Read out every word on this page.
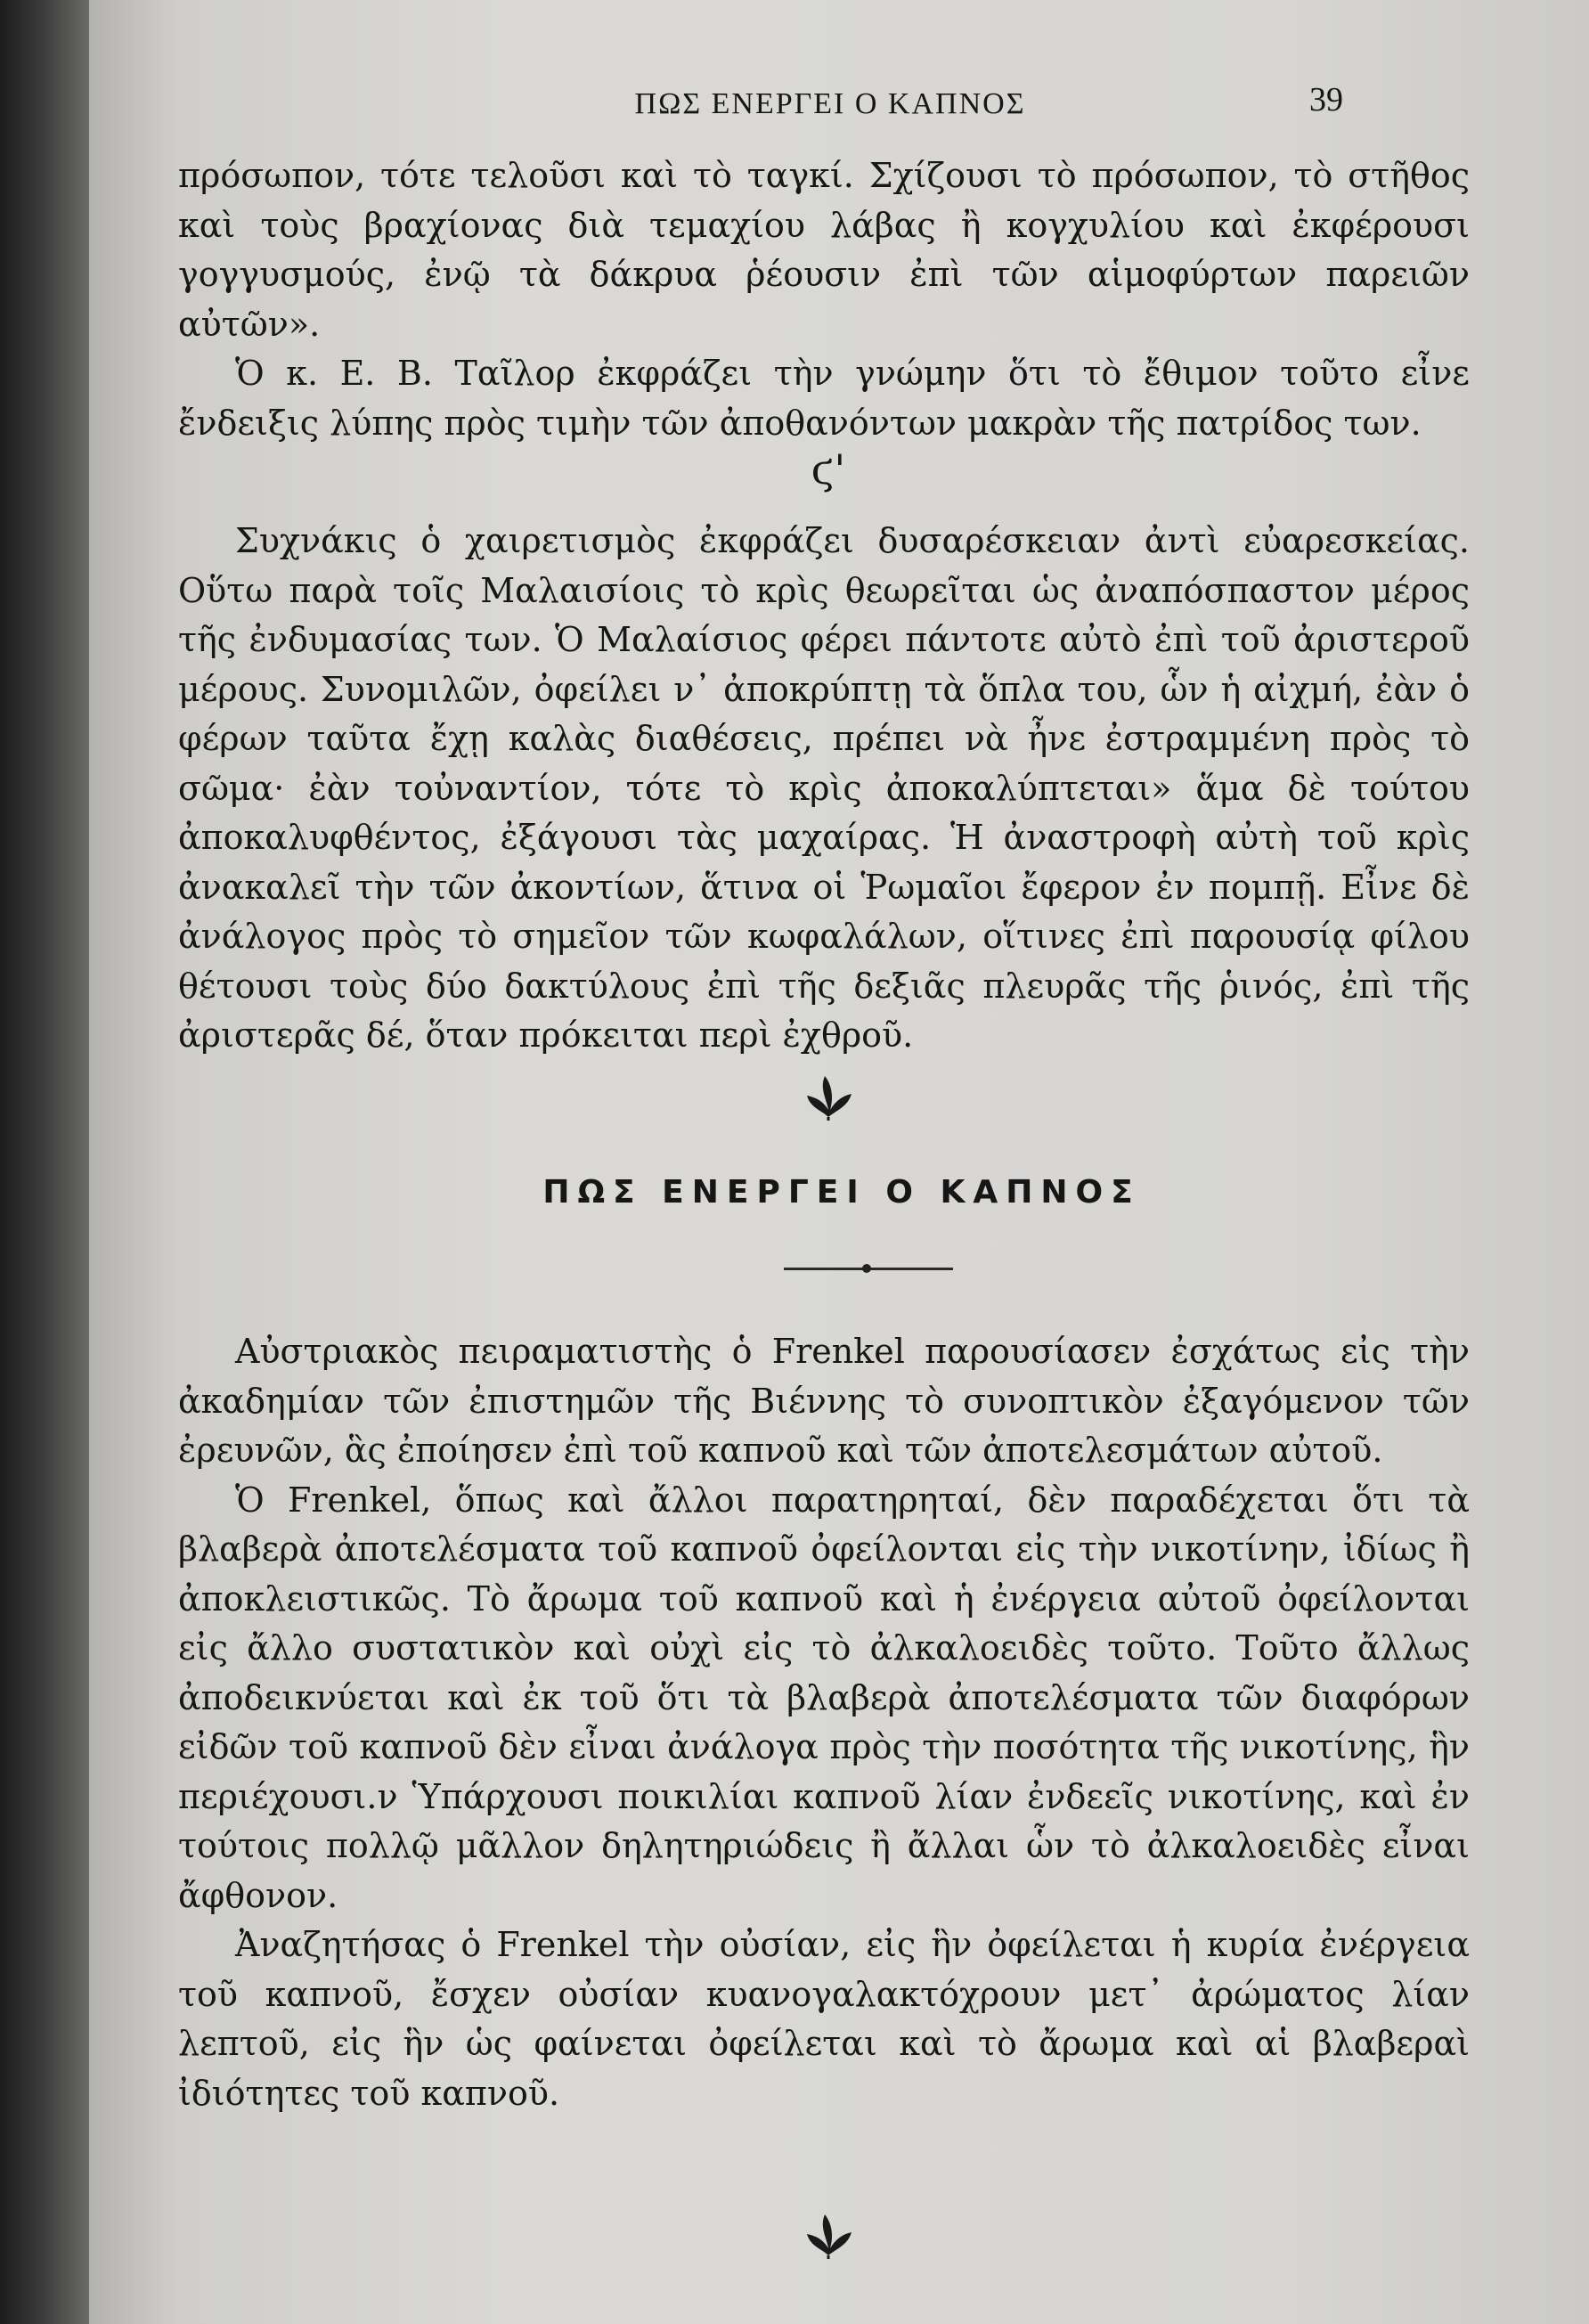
ΠΩΣ ΕΝΕΡΓΕΙ Ο ΚΑΠΝΟΣ	39

πρόσωπον, τότε τελοῦσι καὶ τὸ ταγκί. Σχίζουσι τὸ πρόσωπον, τὸ στῆθος καὶ τοὺς βραχίονας διὰ τεμαχίου λάβας ἢ κογχυλίου καὶ ἐκφέρουσι γογγυσμούς, ἐνῷ τὰ δάκρυα ῥέουσιν ἐπὶ τῶν αἱμοφύρτων παρειῶν αὐτῶν».

Ὁ κ. Ε. Β. Ταῖλορ ἐκφράζει τὴν γνώμην ὅτι τὸ ἔθιμον τοῦτο εἶνε ἔνδειξις λύπης πρὸς τιμὴν τῶν ἀποθανόντων μακρὰν τῆς πατρίδος των.

ϛ'

Συχνάκις ὁ χαιρετισμὸς ἐκφράζει δυσαρέσκειαν ἀντὶ εὐαρεσκείας. Οὕτω παρὰ τοῖς Μαλαισίοις τὸ κρὶς θεωρεῖται ὡς ἀναπόσπαστον μέρος τῆς ἐνδυμασίας των. Ὁ Μαλαίσιος φέρει πάντοτε αὐτὸ ἐπὶ τοῦ ἀριστεροῦ μέρους. Συνομιλῶν, ὀφείλει ν᾿ ἀποκρύπτῃ τὰ ὅπλα του, ὧν ἡ αἰχμή, ἐὰν ὁ φέρων ταῦτα ἔχῃ καλὰς διαθέσεις, πρέπει νὰ ἦνε ἐστραμμένη πρὸς τὸ σῶμα· ἐὰν τοὐναντίον, τότε τὸ κρὶς ἀποκαλύπτεται» ἅμα δὲ τούτου ἀποκαλυφθέντος, ἐξάγουσι τὰς μαχαίρας. Ἡ ἀναστροφὴ αὐτὴ τοῦ κρὶς ἀνακαλεῖ τὴν τῶν ἀκοντίων, ἅτινα οἱ Ῥωμαῖοι ἔφερον ἐν πομπῇ. Εἶνε δὲ ἀνάλογος πρὸς τὸ σημεῖον τῶν κωφαλάλων, οἵτινες ἐπὶ παρουσίᾳ φίλου θέτουσι τοὺς δύο δακτύλους ἐπὶ τῆς δεξιᾶς πλευρᾶς τῆς ῥινός, ἐπὶ τῆς ἀριστερᾶς δέ, ὅταν πρόκειται περὶ ἐχθροῦ.

ΠΩΣ ΕΝΕΡΓΕΙ Ο ΚΑΠΝΟΣ

Αὐστριακὸς πειραματιστὴς ὁ Frenkel παρουσίασεν ἐσχάτως εἰς τὴν ἀκαδημίαν τῶν ἐπιστημῶν τῆς Βιέννης τὸ συνοπτικὸν ἐξαγόμενον τῶν ἐρευνῶν, ἃς ἐποίησεν ἐπὶ τοῦ καπνοῦ καὶ τῶν ἀποτελεσμάτων αὐτοῦ.

Ὁ Frenkel, ὅπως καὶ ἄλλοι παρατηρηταί, δὲν παραδέχεται ὅτι τὰ βλαβερὰ ἀποτελέσματα τοῦ καπνοῦ ὀφείλονται εἰς τὴν νικοτίνην, ἰδίως ἢ ἀποκλειστικῶς. Τὸ ἄρωμα τοῦ καπνοῦ καὶ ἡ ἐνέργεια αὐτοῦ ὀφείλονται εἰς ἄλλο συστατικὸν καὶ οὐχὶ εἰς τὸ ἀλκαλοειδὲς τοῦτο. Τοῦτο ἄλλως ἀποδεικνύεται καὶ ἐκ τοῦ ὅτι τὰ βλαβερὰ ἀποτελέσματα τῶν διαφόρων εἰδῶν τοῦ καπνοῦ δὲν εἶναι ἀνάλογα πρὸς τὴν ποσότητα τῆς νικοτίνης, ἣν περιέχουσι.ν Ὑπάρχουσι ποικιλίαι καπνοῦ λίαν ἐνδεεῖς νικοτίνης, καὶ ἐν τούτοις πολλῷ μᾶλλον δηλητηριώδεις ἢ ἄλλαι ὧν τὸ ἀλκαλοειδὲς εἶναι ἄφθονον.

Ἀναζητήσας ὁ Frenkel τὴν οὐσίαν, εἰς ἣν ὀφείλεται ἡ κυρία ἐνέργεια τοῦ καπνοῦ, ἔσχεν οὐσίαν κυανογαλακτόχρουν μετ᾿ ἀρώματος λίαν λεπτοῦ, εἰς ἣν ὡς φαίνεται ὀφείλεται καὶ τὸ ἄρωμα καὶ αἱ βλαβεραὶ ἰδιότητες τοῦ καπνοῦ.
